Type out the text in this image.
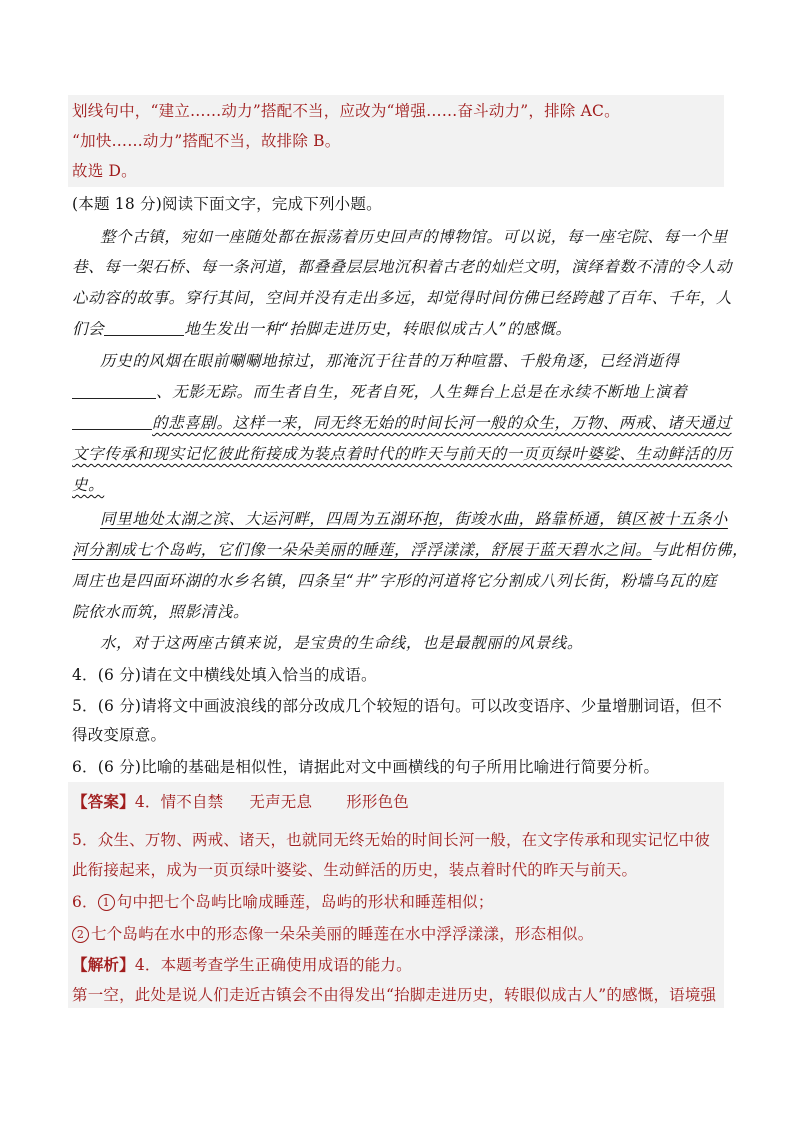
划线句中，“建立……动力”搭配不当，应改为“增强……奋斗动力”，排除 AC。
“加快……动力”搭配不当，故排除 B。
故选 D。
(本题 18 分)阅读下面文字，完成下列小题。
整个古镇，宛如一座随处都在振荡着历史回声的博物馆。可以说，每一座宅院、每一个里
巷、每一架石桥、每一条河道，都叠叠层层地沉积着古老的灿烂文明，演绎着数不清的令人动
心动容的故事。穿行其间，空间并没有走出多远，却觉得时间仿佛已经跨越了百年、千年，人
们会	地生发出一种“抬脚走进历史，转眼似成古人”的感慨。
历史的风烟在眼前唰唰地掠过，那淹沉于往昔的万种喧嚣、千般角逐，已经消逝得
、无影无踪。而生者自生，死者自死，人生舞台上总是在永续不断地上演着
的悲喜剧。这样一来，同无终无始的时间长河一般的众生，万物、两戒、诸天通过
文字传承和现实记忆彼此衔接成为装点着时代的昨天与前天的一页页绿叶婆娑、生动鲜活的历
史。
同里地处太湖之滨、大运河畔，四周为五湖环抱，街竣水曲，路靠桥通，镇区被十五条小
河分割成七个岛屿，它们像一朵朵美丽的睡莲，浮浮漾漾，舒展于蓝天碧水之间。与此相仿佛，
周庄也是四面环湖的水乡名镇，四条呈“井”字形的河道将它分割成八列长街，粉墙乌瓦的庭
院依水而筑，照影清浅。
水，对于这两座古镇来说，是宝贵的生命线，也是最靓丽的风景线。
4．(6 分)请在文中横线处填入恰当的成语。
5．(6 分)请将文中画波浪线的部分改成几个较短的语句。可以改变语序、少量增删词语，但不
得改变原意。
6．(6 分)比喻的基础是相似性，请据此对文中画横线的句子所用比喻进行简要分析。
【答案】4．情不自禁 无声无息 形形色色
5．众生、万物、两戒、诸天，也就同无终无始的时间长河一般，在文字传承和现实记忆中彼
此衔接起来，成为一页页绿叶婆娑、生动鲜活的历史，装点着时代的昨天与前天。
6． 1 句中把七个岛屿比喻成睡莲，岛屿的形状和睡莲相似；
2 七个岛屿在水中的形态像一朵朵美丽的睡莲在水中浮浮漾漾，形态相似。
【解析】4．本题考查学生正确使用成语的能力。
第一空，此处是说人们走近古镇会不由得发出“抬脚走进历史，转眼似成古人”的感慨，语境强
